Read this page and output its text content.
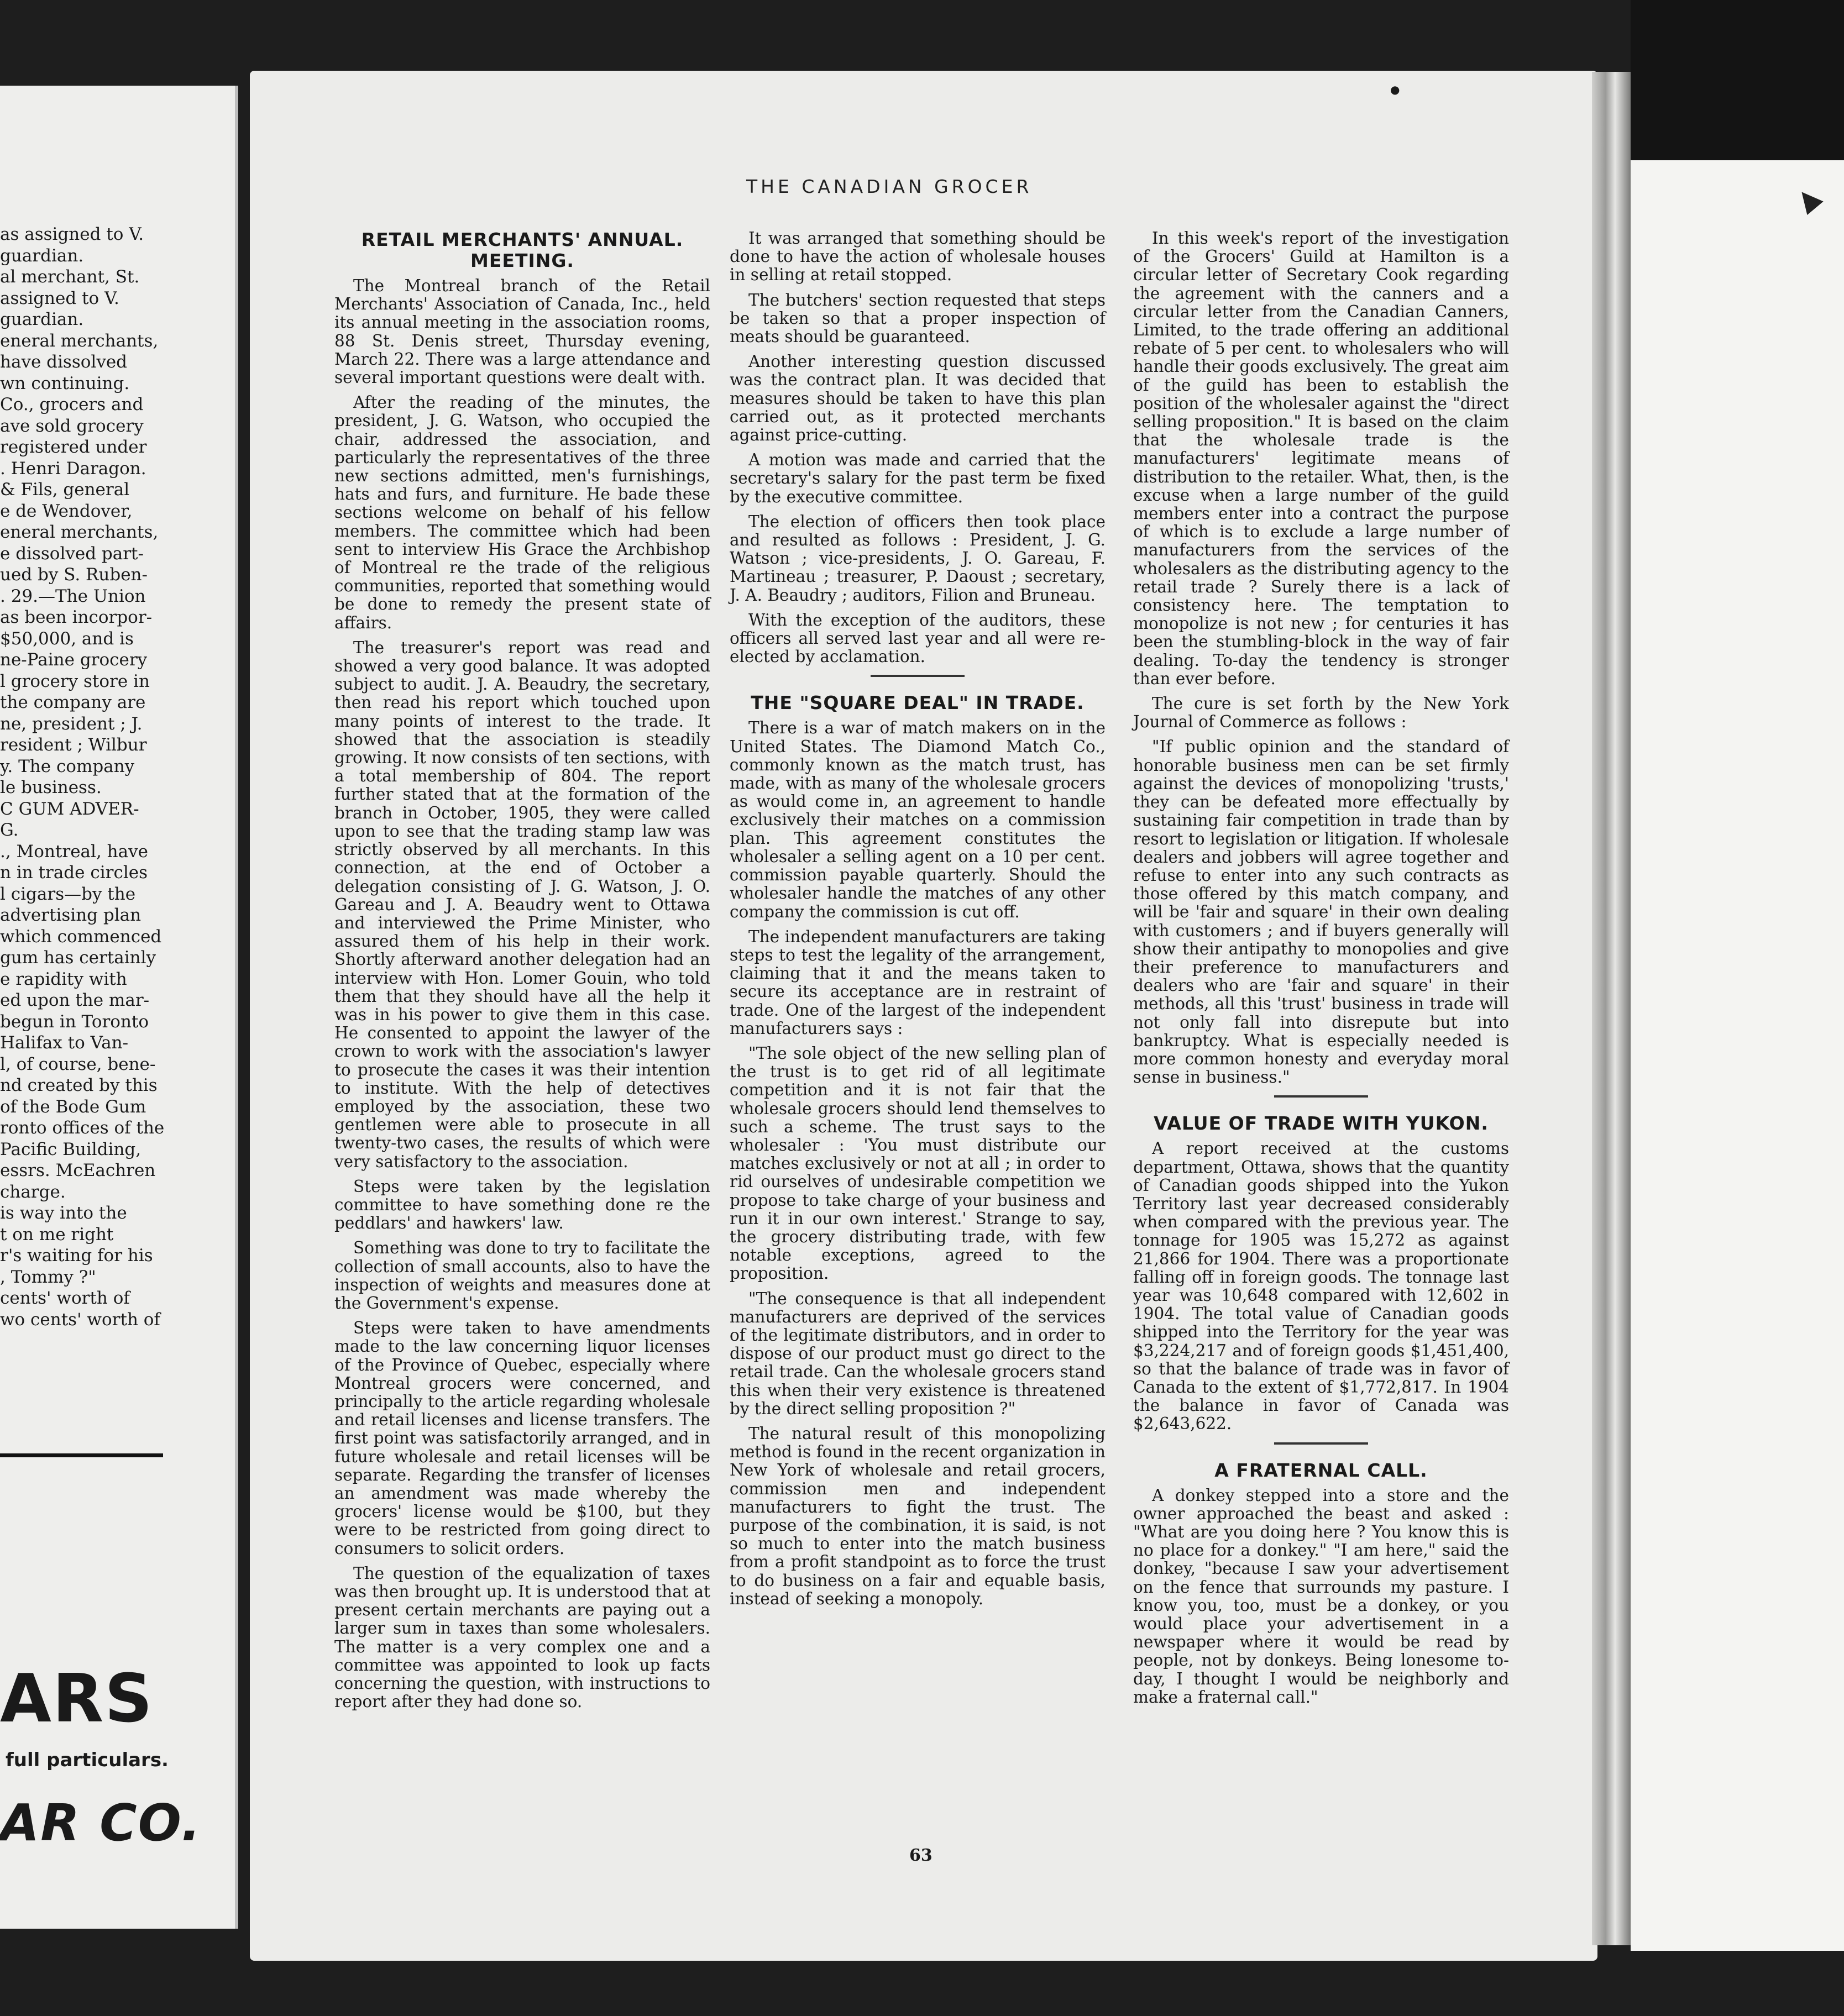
as assigned to V.
guardian.
al merchant, St.
assigned to V.
guardian.
eneral merchants,
have dissolved
wn continuing.
Co., grocers and
ave sold grocery
registered under
. Henri Daragon.
& Fils, general
e de Wendover,
eneral merchants,
e dissolved part-
ued by S. Ruben-
. 29.—The Union
as been incorpor-
$50,000, and is
ne-Paine grocery
l grocery store in
the company are
ne, president ; J.
resident ; Wilbur
y. The company
le business.
C GUM ADVER-
G.
., Montreal, have
n in trade circles
l cigars—by the
advertising plan
which commenced
gum has certainly
e rapidity with
ed upon the mar-
begun in Toronto
Halifax to Van-
l, of course, bene-
nd created by this
of the Bode Gum
ronto offices of the
Pacific Building,
essrs. McEachren
charge.
is way into the
t on me right
r's waiting for his
, Tommy ?"
cents' worth of
wo cents' worth of
ARS
full particulars.
AR CO.
▲
●
THE CANADIAN GROCER
RETAIL MERCHANTS' ANNUAL. MEETING.

The Montreal branch of the Retail Merchants' Association of Canada, Inc., held its annual meeting in the association rooms, 88 St. Denis street, Thursday evening, March 22. There was a large attendance and several important questions were dealt with.

After the reading of the minutes, the president, J. G. Watson, who occupied the chair, addressed the association, and particularly the representatives of the three new sections admitted, men's furnishings, hats and furs, and furniture. He bade these sections welcome on behalf of his fellow members. The committee which had been sent to interview His Grace the Archbishop of Montreal re the trade of the religious communities, reported that something would be done to remedy the present state of affairs.

The treasurer's report was read and showed a very good balance. It was adopted subject to audit. J. A. Beaudry, the secretary, then read his report which touched upon many points of interest to the trade. It showed that the association is steadily growing. It now consists of ten sections, with a total membership of 804. The report further stated that at the formation of the branch in October, 1905, they were called upon to see that the trading stamp law was strictly observed by all merchants. In this connection, at the end of October a delegation consisting of J. G. Watson, J. O. Gareau and J. A. Beaudry went to Ottawa and interviewed the Prime Minister, who assured them of his help in their work. Shortly afterward another delegation had an interview with Hon. Lomer Gouin, who told them that they should have all the help it was in his power to give them in this case. He consented to appoint the lawyer of the crown to work with the association's lawyer to prosecute the cases it was their intention to institute. With the help of detectives employed by the association, these two gentlemen were able to prosecute in all twenty-two cases, the results of which were very satisfactory to the association.

Steps were taken by the legislation committee to have something done re the peddlars' and hawkers' law.

Something was done to try to facilitate the collection of small accounts, also to have the inspection of weights and measures done at the Government's expense.

Steps were taken to have amendments made to the law concerning liquor licenses of the Province of Quebec, especially where Montreal grocers were concerned, and principally to the article regarding wholesale and retail licenses and license transfers. The first point was satisfactorily arranged, and in future wholesale and retail licenses will be separate. Regarding the transfer of licenses an amendment was made whereby the grocers' license would be $100, but they were to be restricted from going direct to consumers to solicit orders.

The question of the equalization of taxes was then brought up. It is understood that at present certain merchants are paying out a larger sum in taxes than some wholesalers. The matter is a very complex one and a committee was appointed to look up facts concerning the question, with instructions to report after they had done so.

It was arranged that something should be done to have the action of wholesale houses in selling at retail stopped.

The butchers' section requested that steps be taken so that a proper inspection of meats should be guaranteed.

Another interesting question discussed was the contract plan. It was decided that measures should be taken to have this plan carried out, as it protected merchants against price-cutting.

A motion was made and carried that the secretary's salary for the past term be fixed by the executive committee.

The election of officers then took place and resulted as follows : President, J. G. Watson ; vice-presidents, J. O. Gareau, F. Martineau ; treasurer, P. Daoust ; secretary, J. A. Beaudry ; auditors, Filion and Bruneau.

With the exception of the auditors, these officers all served last year and all were re-elected by acclamation.

THE "SQUARE DEAL" IN TRADE.

There is a war of match makers on in the United States. The Diamond Match Co., commonly known as the match trust, has made, with as many of the wholesale grocers as would come in, an agreement to handle exclusively their matches on a commission plan. This agreement constitutes the wholesaler a selling agent on a 10 per cent. commission payable quarterly. Should the wholesaler handle the matches of any other company the commission is cut off.

The independent manufacturers are taking steps to test the legality of the arrangement, claiming that it and the means taken to secure its acceptance are in restraint of trade. One of the largest of the independent manufacturers says :

"The sole object of the new selling plan of the trust is to get rid of all legitimate competition and it is not fair that the wholesale grocers should lend themselves to such a scheme. The trust says to the wholesaler : 'You must distribute our matches exclusively or not at all ; in order to rid ourselves of undesirable competition we propose to take charge of your business and run it in our own interest.' Strange to say, the grocery distributing trade, with few notable exceptions, agreed to the proposition.

"The consequence is that all independent manufacturers are deprived of the services of the legitimate distributors, and in order to dispose of our product must go direct to the retail trade. Can the wholesale grocers stand this when their very existence is threatened by the direct selling proposition ?"

The natural result of this monopolizing method is found in the recent organization in New York of wholesale and retail grocers, commission men and independent manufacturers to fight the trust. The purpose of the combination, it is said, is not so much to enter into the match business from a profit standpoint as to force the trust to do business on a fair and equable basis, instead of seeking a monopoly.

In this week's report of the investigation of the Grocers' Guild at Hamilton is a circular letter of Secretary Cook regarding the agreement with the canners and a circular letter from the Canadian Canners, Limited, to the trade offering an additional rebate of 5 per cent. to wholesalers who will handle their goods exclusively. The great aim of the guild has been to establish the position of the wholesaler against the "direct selling proposition." It is based on the claim that the wholesale trade is the manufacturers' legitimate means of distribution to the retailer. What, then, is the excuse when a large number of the guild members enter into a contract the purpose of which is to exclude a large number of manufacturers from the services of the wholesalers as the distributing agency to the retail trade ? Surely there is a lack of consistency here. The temptation to monopolize is not new ; for centuries it has been the stumbling-block in the way of fair dealing. To-day the tendency is stronger than ever before.

The cure is set forth by the New York Journal of Commerce as follows :

"If public opinion and the standard of honorable business men can be set firmly against the devices of monopolizing 'trusts,' they can be defeated more effectually by sustaining fair competition in trade than by resort to legislation or litigation. If wholesale dealers and jobbers will agree together and refuse to enter into any such contracts as those offered by this match company, and will be 'fair and square' in their own dealing with customers ; and if buyers generally will show their antipathy to monopolies and give their preference to manufacturers and dealers who are 'fair and square' in their methods, all this 'trust' business in trade will not only fall into disrepute but into bankruptcy. What is especially needed is more common honesty and everyday moral sense in business."

VALUE OF TRADE WITH YUKON.

A report received at the customs department, Ottawa, shows that the quantity of Canadian goods shipped into the Yukon Territory last year decreased considerably when compared with the previous year. The tonnage for 1905 was 15,272 as against 21,866 for 1904. There was a proportionate falling off in foreign goods. The tonnage last year was 10,648 compared with 12,602 in 1904. The total value of Canadian goods shipped into the Territory for the year was $3,224,217 and of foreign goods $1,451,400, so that the balance of trade was in favor of Canada to the extent of $1,772,817. In 1904 the balance in favor of Canada was $2,643,622.

A FRATERNAL CALL.

A donkey stepped into a store and the owner approached the beast and asked : "What are you doing here ? You know this is no place for a donkey." "I am here," said the donkey, "because I saw your advertisement on the fence that surrounds my pasture. I know you, too, must be a donkey, or you would place your advertisement in a newspaper where it would be read by people, not by donkeys. Being lonesome to-day, I thought I would be neighborly and make a fraternal call."

63
